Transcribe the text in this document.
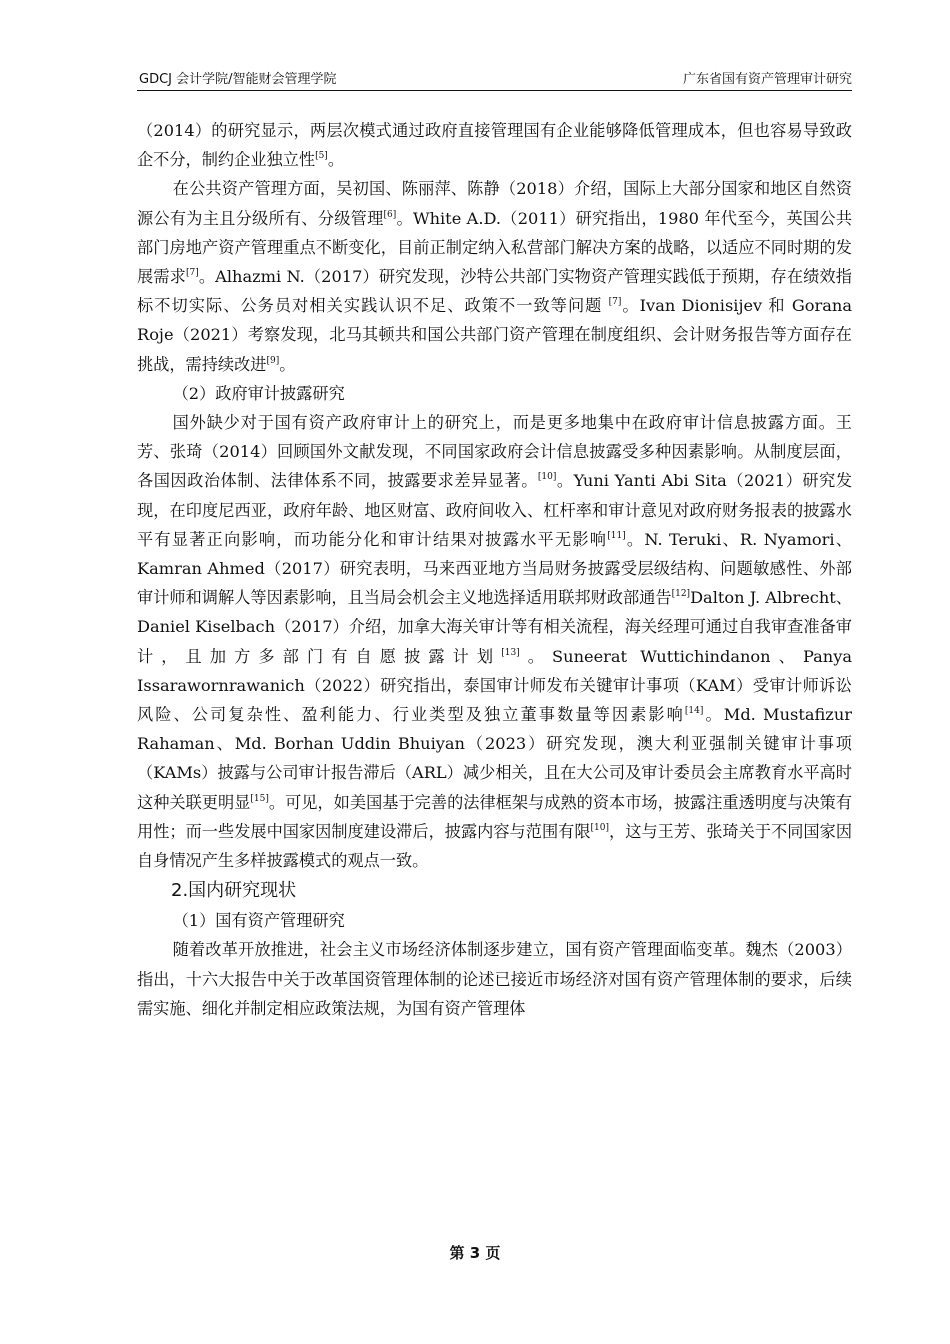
GDCJ 会计学院/智能财会管理学院	广东省国有资产管理审计研究

（2014）的研究显示，两层次模式通过政府直接管理国有企业能够降低管理成本，但也容易导致政企不分，制约企业独立性[5]。

在公共资产管理方面，吴初国、陈丽萍、陈静（2018）介绍，国际上大部分国家和地区自然资源公有为主且分级所有、分级管理[6]。White A.D.（2011）研究指出，1980 年代至今，英国公共部门房地产资产管理重点不断变化，目前正制定纳入私营部门解决方案的战略，以适应不同时期的发展需求[7]。Alhazmi N.（2017）研究发现，沙特公共部门实物资产管理实践低于预期，存在绩效指标不切实际、公务员对相关实践认识不足、政策不一致等问题 [7]。Ivan Dionisijev 和 Gorana Roje（2021）考察发现，北马其顿共和国公共部门资产管理在制度组织、会计财务报告等方面存在挑战，需持续改进[9]。

（2）政府审计披露研究

国外缺少对于国有资产政府审计上的研究上，而是更多地集中在政府审计信息披露方面。王芳、张琦（2014）回顾国外文献发现，不同国家政府会计信息披露受多种因素影响。从制度层面，各国因政治体制、法律体系不同，披露要求差异显著。[10]。Yuni Yanti Abi Sita（2021）研究发现，在印度尼西亚，政府年龄、地区财富、政府间收入、杠杆率和审计意见对政府财务报表的披露水平有显著正向影响，而功能分化和审计结果对披露水平无影响[11]。N. Teruki、R. Nyamori、Kamran Ahmed（2017）研究表明，马来西亚地方当局财务披露受层级结构、问题敏感性、外部审计师和调解人等因素影响，且当局会机会主义地选择适用联邦财政部通告[12]Dalton J. Albrecht、Daniel Kiselbach（2017）介绍，加拿大海关审计等有相关流程，海关经理可通过自我审查准备审计，且加方多部门有自愿披露计划[13]。Suneerat Wuttichindanon、Panya Issarawornrawanich（2022）研究指出，泰国审计师发布关键审计事项（KAM）受审计师诉讼风险、公司复杂性、盈利能力、行业类型及独立董事数量等因素影响[14]。Md. Mustafizur Rahaman、Md. Borhan Uddin Bhuiyan（2023）研究发现，澳大利亚强制关键审计事项（KAMs）披露与公司审计报告滞后（ARL）减少相关，且在大公司及审计委员会主席教育水平高时这种关联更明显[15]。可见，如美国基于完善的法律框架与成熟的资本市场，披露注重透明度与决策有用性；而一些发展中国家因制度建设滞后，披露内容与范围有限[10]，这与王芳、张琦关于不同国家因自身情况产生多样披露模式的观点一致。

2.国内研究现状

（1）国有资产管理研究

随着改革开放推进，社会主义市场经济体制逐步建立，国有资产管理面临变革。魏杰（2003）指出，十六大报告中关于改革国资管理体制的论述已接近市场经济对国有资产管理体制的要求，后续需实施、细化并制定相应政策法规，为国有资产管理体

第 3 页
